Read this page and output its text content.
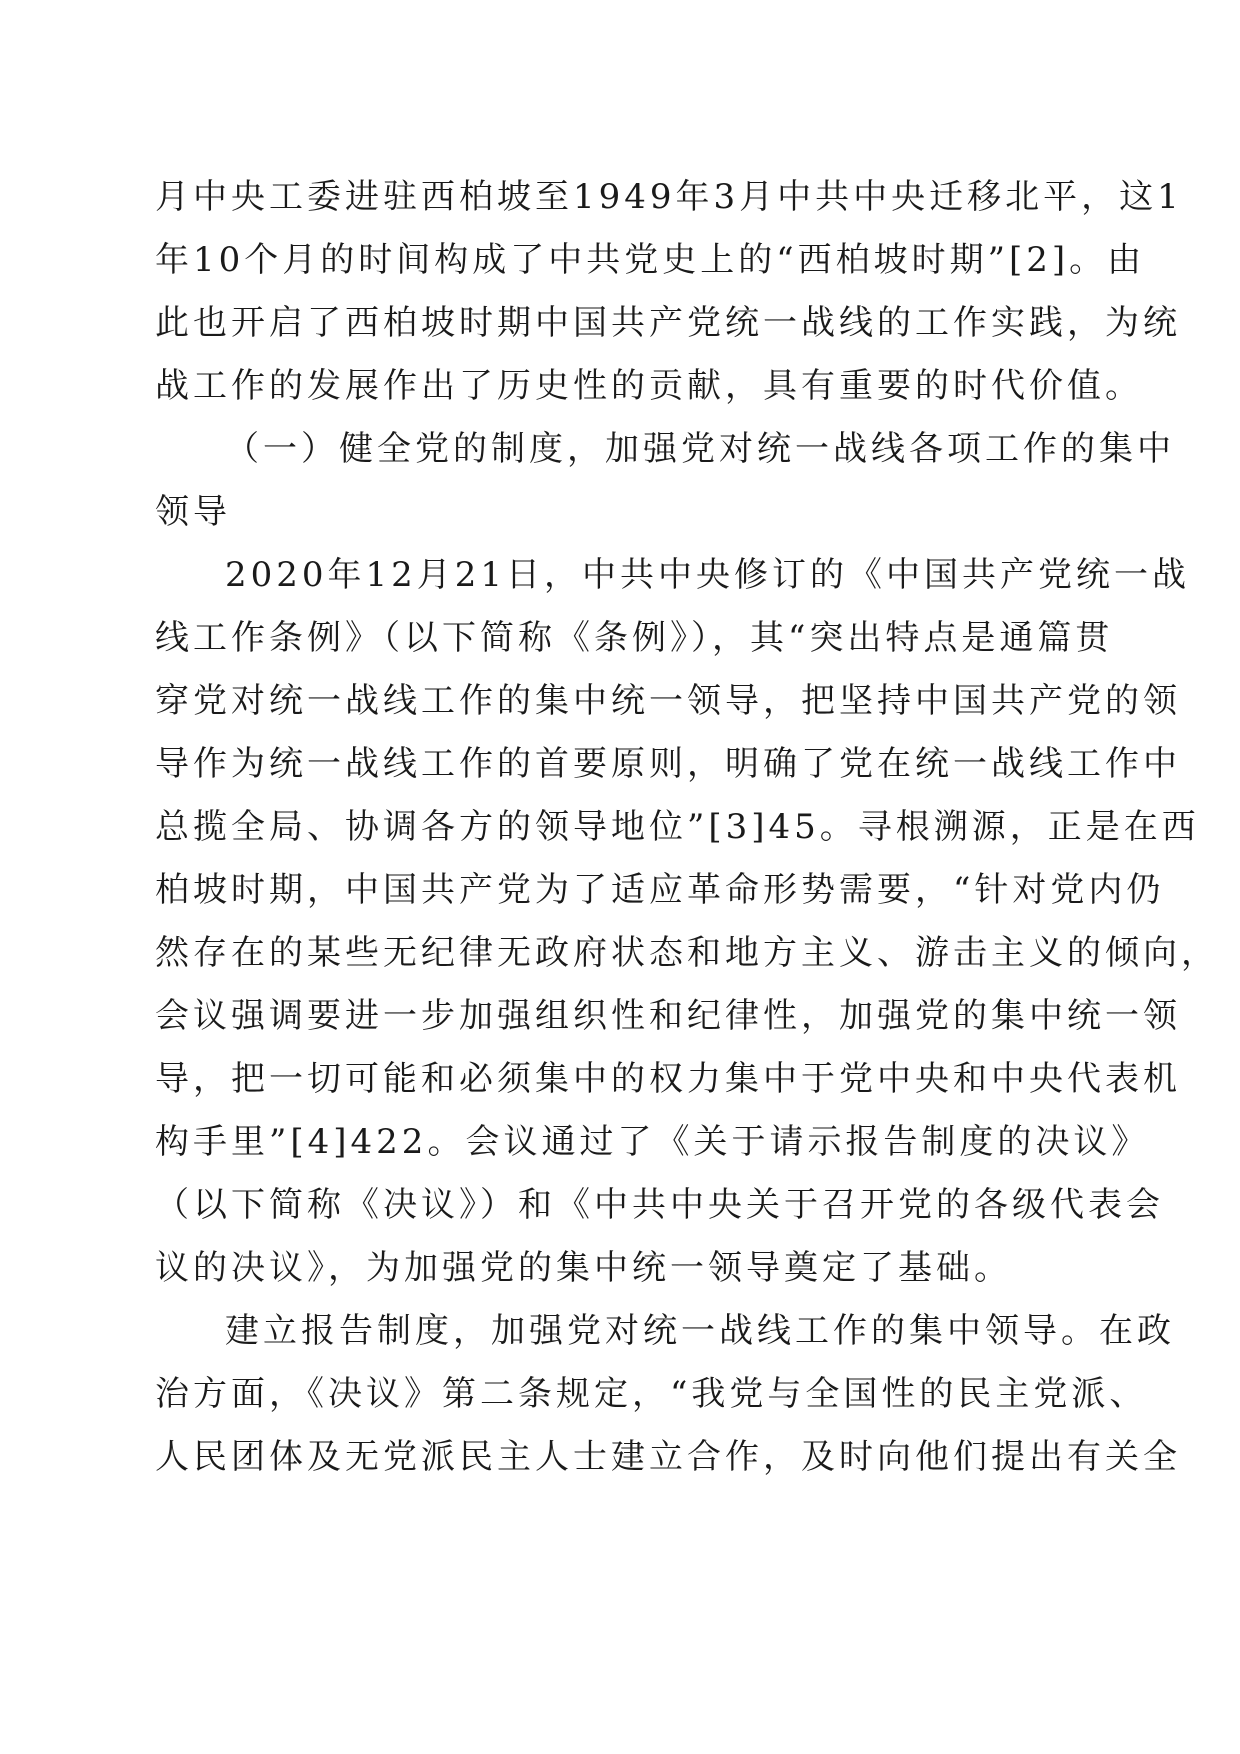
月中央工委进驻西柏坡至1949年3月中共中央迁移北平，这1
年10个月的时间构成了中共党史上的“西柏坡时期”[2]。由
此也开启了西柏坡时期中国共产党统一战线的工作实践，为统
战工作的发展作出了历史性的贡献，具有重要的时代价值。
（一）健全党的制度，加强党对统一战线各项工作的集中
领导
2020年12月21日，中共中央修订的《中国共产党统一战
线工作条例》（以下简称《条例》），其“突出特点是通篇贯
穿党对统一战线工作的集中统一领导，把坚持中国共产党的领
导作为统一战线工作的首要原则，明确了党在统一战线工作中
总揽全局、协调各方的领导地位”[3]45。寻根溯源，正是在西
柏坡时期，中国共产党为了适应革命形势需要，“针对党内仍
然存在的某些无纪律无政府状态和地方主义、游击主义的倾向，
会议强调要进一步加强组织性和纪律性，加强党的集中统一领
导，把一切可能和必须集中的权力集中于党中央和中央代表机
构手里”[4]422。会议通过了《关于请示报告制度的决议》
（以下简称《决议》）和《中共中央关于召开党的各级代表会
议的决议》，为加强党的集中统一领导奠定了基础。
建立报告制度，加强党对统一战线工作的集中领导。在政
治方面，《决议》第二条规定，“我党与全国性的民主党派、
人民团体及无党派民主人士建立合作，及时向他们提出有关全
